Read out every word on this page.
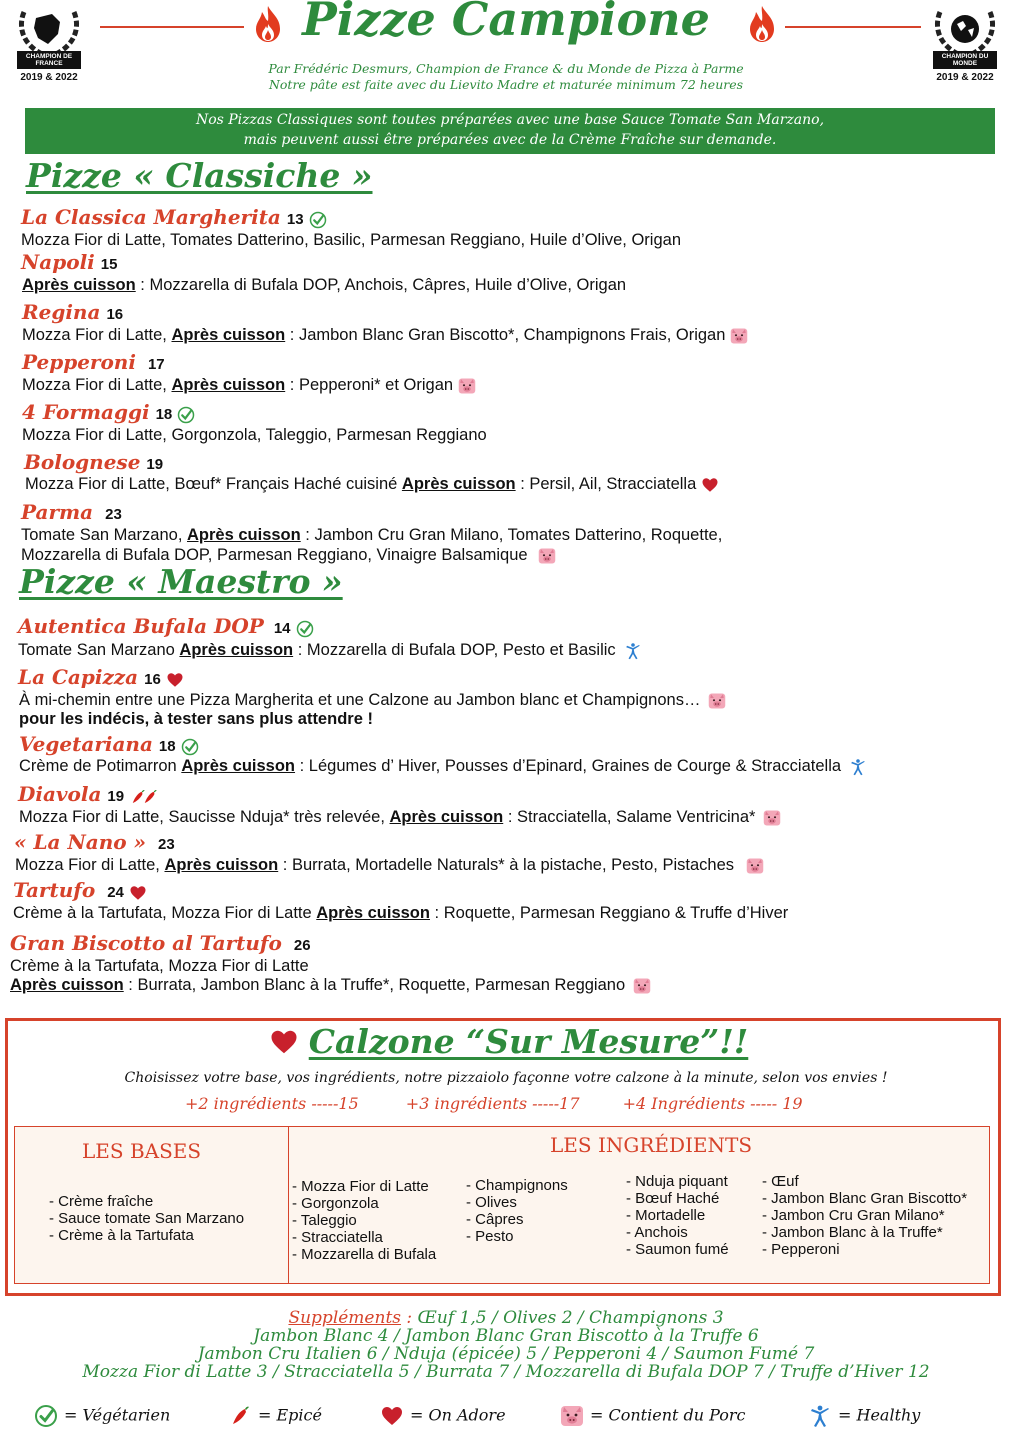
CHAMPION DE FRANCE
2019 & 2022
CHAMPION DU MONDE
2019 & 2022
Pizze Campione
Par Frédéric Desmurs, Champion de France & du Monde de Pizza à Parme
Notre pâte est faite avec du Lievito Madre et maturée minimum 72 heures
Nos Pizzas Classiques sont toutes préparées avec une base Sauce Tomate San Marzano,
mais peuvent aussi être préparées avec de la Crème Fraîche sur demande.
Pizze « Classiche »
La Classica Margherita 13
Mozza Fior di Latte, Tomates Datterino, Basilic, Parmesan Reggiano, Huile d’Olive, Origan
Napoli 15
Après cuisson : Mozzarella di Bufala DOP, Anchois, Câpres, Huile d’Olive, Origan
Regina 16
Mozza Fior di Latte, Après cuisson : Jambon Blanc Gran Biscotto*, Champignons Frais, Origan
Pepperoni 17
Mozza Fior di Latte, Après cuisson : Pepperoni* et Origan
4 Formaggi 18
Mozza Fior di Latte, Gorgonzola, Taleggio, Parmesan Reggiano
Bolognese 19
Mozza Fior di Latte, Bœuf* Français Haché cuisiné Après cuisson : Persil, Ail, Stracciatella
Parma 23
Tomate San Marzano, Après cuisson : Jambon Cru Gran Milano, Tomates Datterino, Roquette,
Mozzarella di Bufala DOP, Parmesan Reggiano, Vinaigre Balsamique
Pizze « Maestro »
Autentica Bufala DOP 14
Tomate San Marzano Après cuisson : Mozzarella di Bufala DOP, Pesto et Basilic
La Capizza 16
À mi-chemin entre une Pizza Margherita et une Calzone au Jambon blanc et Champignons…
pour les indécis, à tester sans plus attendre !
Vegetariana 18
Crème de Potimarron Après cuisson : Légumes d’ Hiver, Pousses d’Epinard, Graines de Courge & Stracciatella
Diavola 19
Mozza Fior di Latte, Saucisse Nduja* très relevée, Après cuisson : Stracciatella, Salame Ventricina*
« La Nano » 23
Mozza Fior di Latte, Après cuisson : Burrata, Mortadelle Naturals* à la pistache, Pesto, Pistaches
Tartufo 24
Crème à la Tartufata, Mozza Fior di Latte Après cuisson : Roquette, Parmesan Reggiano & Truffe d’Hiver
Gran Biscotto al Tartufo 26
Crème à la Tartufata, Mozza Fior di Latte
Après cuisson : Burrata, Jambon Blanc à la Truffe*, Roquette, Parmesan Reggiano
Calzone “Sur Mesure”!!
Choisissez votre base, vos ingrédients, notre pizzaiolo façonne votre calzone à la minute, selon vos envies !
+2 ingrédients -----15	+3 ingrédients -----17	+4 Ingrédients ----- 19
LES BASES	LES INGRÉDIENTS
- Crème fraîche
- Sauce tomate San Marzano
- Crème à la Tartufata
- Mozza Fior di Latte
- Gorgonzola
- Taleggio
- Stracciatella
- Mozzarella di Bufala
- Champignons
- Olives
- Câpres
- Pesto
- Nduja piquant
- Bœuf Haché
- Mortadelle
- Anchois
- Saumon fumé
- Œuf
- Jambon Blanc Gran Biscotto*
- Jambon Cru Gran Milano*
- Jambon Blanc à la Truffe*
- Pepperoni
Suppléments : Œuf 1,5 / Olives 2 / Champignons 3
Jambon Blanc 4 / Jambon Blanc Gran Biscotto à la Truffe 6
Jambon Cru Italien 6 / Nduja (épicée) 5 / Pepperoni 4 / Saumon Fumé 7
Mozza Fior di Latte 3 / Stracciatella 5 / Burrata 7 / Mozzarella di Bufala DOP 7 / Truffe d’Hiver 12
= Végétarien	= Epicé	= On Adore	= Contient du Porc	= Healthy
